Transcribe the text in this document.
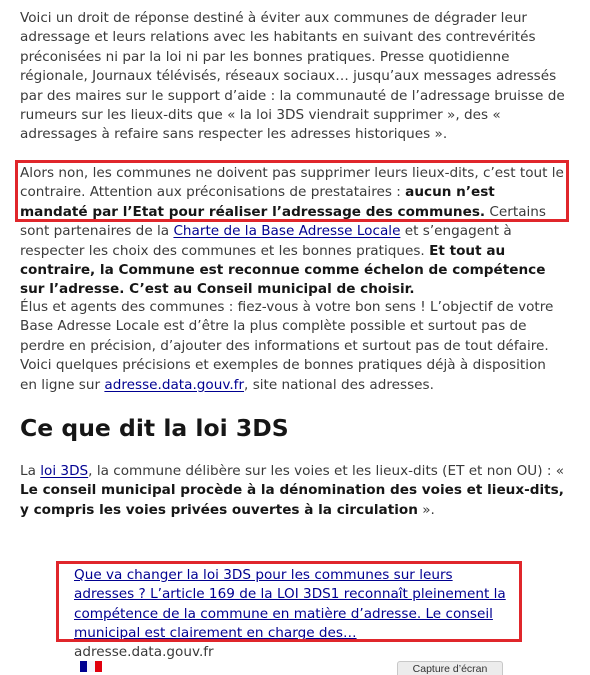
Voici un droit de réponse destiné à éviter aux communes de dégrader leur adressage et leurs relations avec les habitants en suivant des contrevérités préconisées ni par la loi ni par les bonnes pratiques. Presse quotidienne régionale, Journaux télévisés, réseaux sociaux… jusqu’aux messages adressés par des maires sur le support d’aide : la communauté de l’adressage bruisse de rumeurs sur les lieux-dits que « la loi 3DS viendrait supprimer », des « adressages à refaire sans respecter les adresses historiques ».

Alors non, les communes ne doivent pas supprimer leurs lieux-dits, c’est tout le contraire. Attention aux préconisations de prestataires : aucun n’est mandaté par l’Etat pour réaliser l’adressage des communes. Certains sont partenaires de la Charte de la Base Adresse Locale et s’engagent à respecter les choix des communes et les bonnes pratiques. Et tout au contraire, la Commune est reconnue comme échelon de compétence sur l’adresse. C’est au Conseil municipal de choisir.

Élus et agents des communes : fiez-vous à votre bon sens ! L’objectif de votre Base Adresse Locale est d’être la plus complète possible et surtout pas de perdre en précision, d’ajouter des informations et surtout pas de tout défaire. Voici quelques précisions et exemples de bonnes pratiques déjà à disposition en ligne sur adresse.data.gouv.fr, site national des adresses.

Ce que dit la loi 3DS

La loi 3DS, la commune délibère sur les voies et les lieux-dits (ET et non OU) : « Le conseil municipal procède à la dénomination des voies et lieux-dits, y compris les voies privées ouvertes à la circulation ».

Que va changer la loi 3DS pour les communes sur leurs adresses ? L’article 169 de la LOI 3DS1 reconnaît pleinement la compétence de la commune en matière d’adresse. Le conseil municipal est clairement en charge des…
adresse.data.gouv.fr
Capture d’écran
